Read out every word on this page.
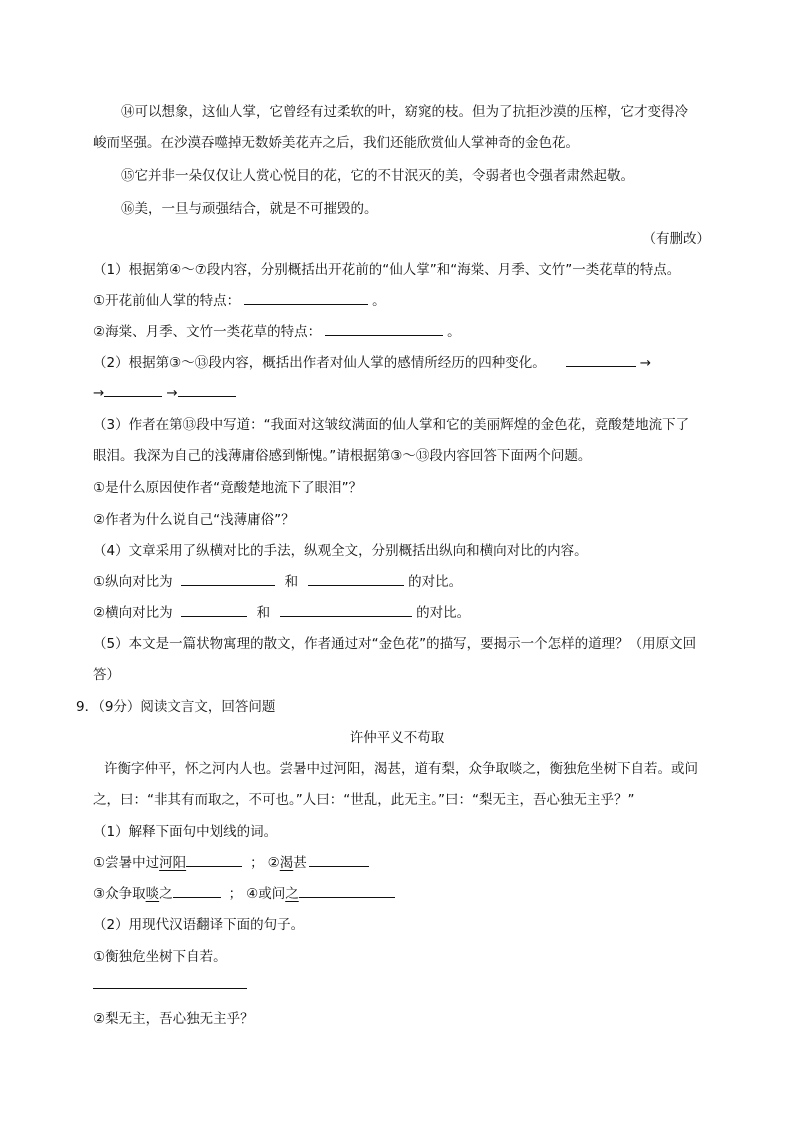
⑭可以想象，这仙人掌，它曾经有过柔软的叶，窈窕的枝。但为了抗拒沙漠的压榨，它才变得冷
峻而坚强。在沙漠吞噬掉无数娇美花卉之后，我们还能欣赏仙人掌神奇的金色花。
⑮它并非一朵仅仅让人赏心悦目的花，它的不甘泯灭的美，令弱者也令强者肃然起敬。
⑯美，一旦与顽强结合，就是不可摧毁的。
（有删改）
（1）根据第④～⑦段内容，分别概括出开花前的“仙人掌”和“海棠、月季、文竹”一类花草的特点。
①开花前仙人掌的特点：	。
②海棠、月季、文竹一类花草的特点：	。
（2）根据第③～⑬段内容，概括出作者对仙人掌的感情所经历的四种变化。	→
→	→
（3）作者在第⑬段中写道：“我面对这皱纹满面的仙人掌和它的美丽辉煌的金色花，竟酸楚地流下了
眼泪。我深为自己的浅薄庸俗感到惭愧。”请根据第③～⑬段内容回答下面两个问题。
①是什么原因使作者“竟酸楚地流下了眼泪”？
②作者为什么说自己“浅薄庸俗”？
（4）文章采用了纵横对比的手法，纵观全文，分别概括出纵向和横向对比的内容。
①纵向对比为	和	的对比。
②横向对比为	和	的对比。
（5）本文是一篇状物寓理的散文，作者通过对“金色花”的描写，要揭示一个怎样的道理？（用原文回
答）
9．（9分）阅读文言文，回答问题
许仲平义不苟取
许衡字仲平，怀之河内人也。尝暑中过河阳，渴甚，道有梨，众争取啖之，衡独危坐树下自若。或问
之，曰：“非其有而取之，不可也。”人曰：“世乱，此无主。”曰：“梨无主，吾心独无主乎？”
（1）解释下面句中划线的词。
①尝暑中过河阳	； ②渴甚
③众争取啖之	； ④或问之
（2）用现代汉语翻译下面的句子。
①衡独危坐树下自若。
②梨无主，吾心独无主乎？
